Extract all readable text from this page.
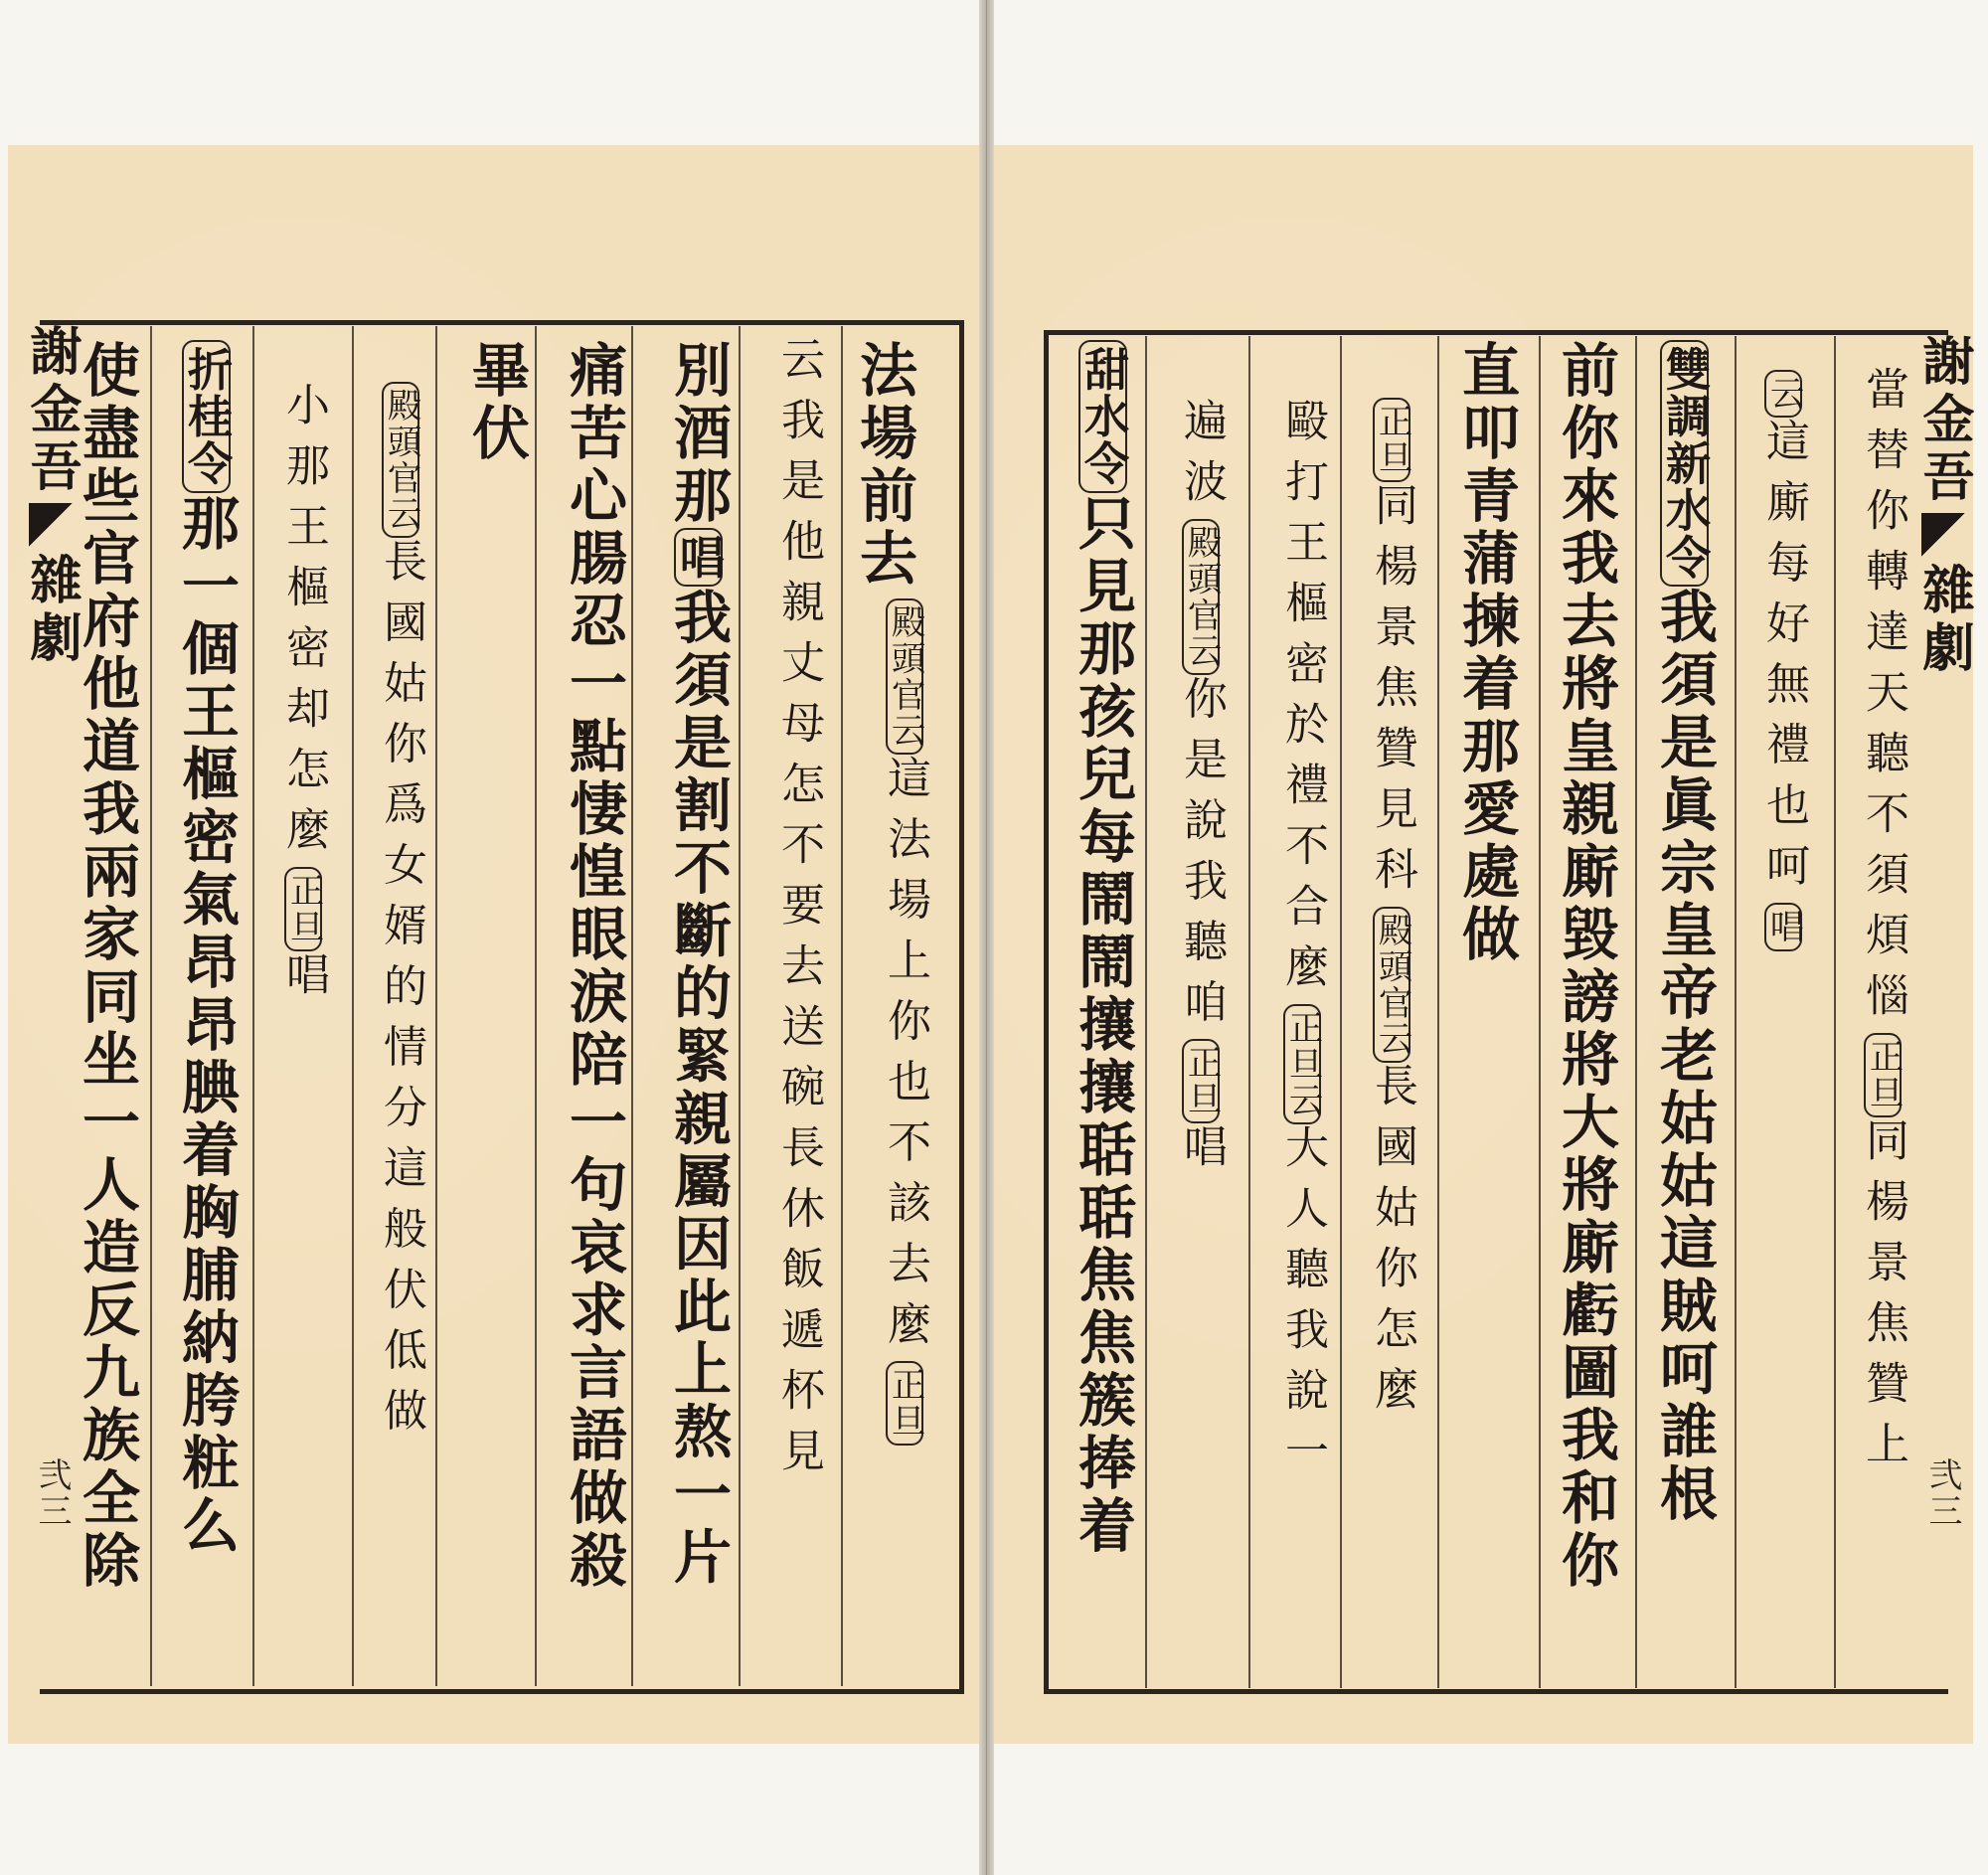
謝金吾雜劇
弐三
法場前去
殿頭官云這法場上你也不該去麼正旦
云我是他親丈母怎不要去送碗長休飯遞杯見
別酒那唱我須是割不斷的緊親屬因此上熬一片
痛苦心腸忍一點悽惶眼淚陪一句哀求言語做殺
畢伏
殿頭官云長國姑你爲女婿的情分這般伏低做
小那王樞密却怎麼正旦唱
折桂令那一個王樞密氣昂昂腆着胸脯納胯粧么
使盡些官府他道我兩家同坐一人造反九族全除	謝金吾雜劇
弐三
當替你轉達天聽不須煩惱正旦同楊景焦贊上
云這廝每好無禮也呵唱
雙調新水令我須是眞宗皇帝老姑姑這賊呵誰根
前你來我去將皇親廝毀謗將大將廝虧圖我和你
直叩青蒲揀着那愛處做
正旦同楊景焦贊見科殿頭官云長國姑你怎麼
毆打王樞密於禮不合麼正旦云大人聽我說一
遍波殿頭官云你是說我聽咱正旦唱
甜水令只見那孩兒每鬧鬧攘攘聒聒焦焦簇捧着
